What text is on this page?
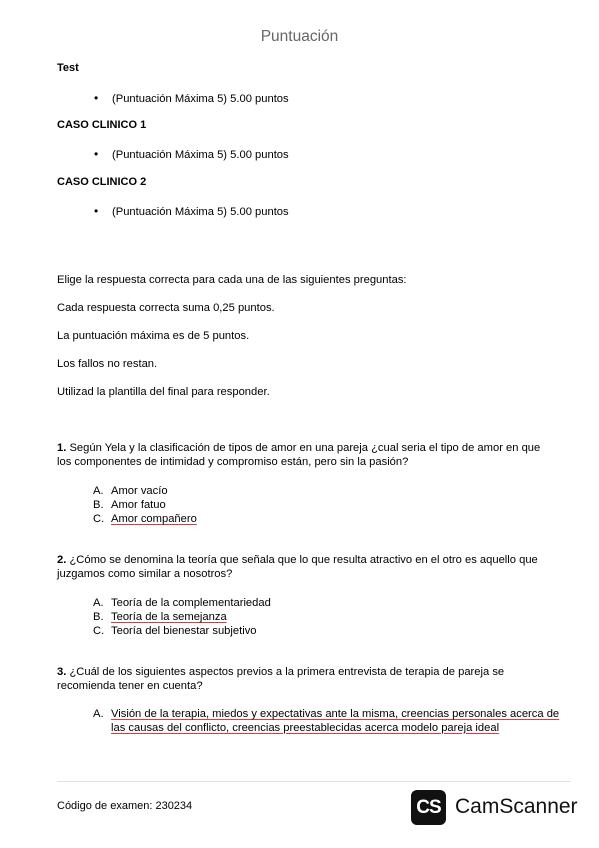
Puntuación
Test
• (Puntuación Máxima 5) 5.00 puntos
CASO CLINICO 1
• (Puntuación Máxima 5) 5.00 puntos
CASO CLINICO 2
• (Puntuación Máxima 5) 5.00 puntos
Elige la respuesta correcta para cada una de las siguientes preguntas:
Cada respuesta correcta suma 0,25 puntos.
La puntuación máxima es de 5 puntos.
Los fallos no restan.
Utilizad la plantilla del final para responder.
1. Según Yela y la clasificación de tipos de amor en una pareja ¿cual seria el tipo de amor en que los componentes de intimidad y compromiso están, pero sin la pasión?
A. Amor vacío
B. Amor fatuo
C. Amor compañero
2. ¿Cómo se denomina la teoría que señala que lo que resulta atractivo en el otro es aquello que juzgamos como similar a nosotros?
A. Teoría de la complementariedad
B. Teoría de la semejanza
C. Teoría del bienestar subjetivo
3. ¿Cuál de los siguientes aspectos previos a la primera entrevista de terapia de pareja se recomienda tener en cuenta?
A. Visión de la terapia, miedos y expectativas ante la misma, creencias personales acerca de las causas del conflicto, creencias preestablecidas acerca modelo pareja ideal
Código de examen: 230234	CS CamScanner
